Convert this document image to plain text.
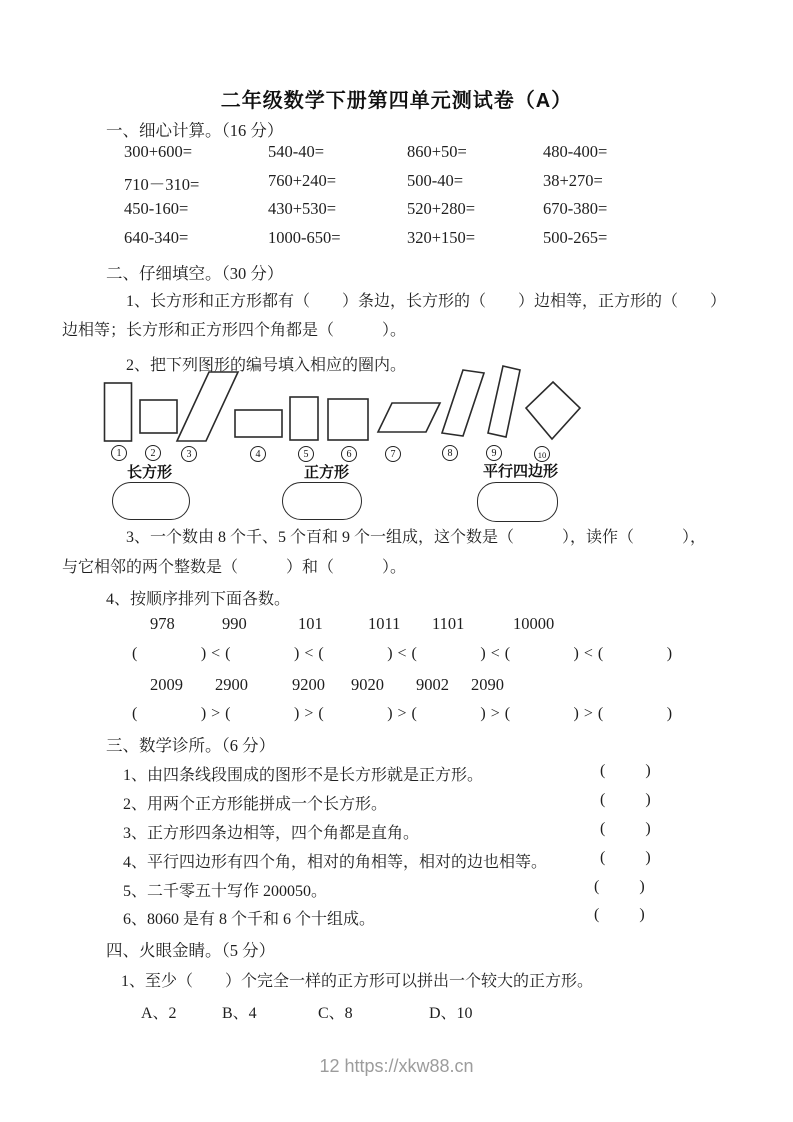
二年级数学下册第四单元测试卷（A）
一、细心计算。（16 分）
300+600=	540-40=	860+50=	480-400=
710－310=	760+240=	500-40=	38+270=
450-160=	430+530=	520+280=	670-380=
640-340=	1000-650=	320+150=	500-265=
二、仔细填空。（30 分）
1、长方形和正方形都有（　　）条边，长方形的（　　）边相等，正方形的（　　）
边相等；长方形和正方形四个角都是（　　　）。
2、把下列图形的编号填入相应的圈内。
1	2	3	4	5	6	7	8	9	10
长方形	正方形	平行四边形
3、一个数由 8 个千、5 个百和 9 个一组成，这个数是（　　　），读作（　　　），
与它相邻的两个整数是（　　　）和（　　　）。
4、按顺序排列下面各数。
978	990	101	1011 1101	10000
(              ) < (              ) < (              ) < (              ) < (              ) < (              )
2009 2900	9200 9020 9002 2090
(              ) > (              ) > (              ) > (              ) > (              ) > (              )
三、数学诊所。（6 分）
1、由四条线段围成的图形不是长方形就是正方形。	(          )
2、用两个正方形能拼成一个长方形。	(          )
3、正方形四条边相等，四个角都是直角。	(          )
4、平行四边形有四个角，相对的角相等，相对的边也相等。	(          )
5、二千零五十写作 200050。	(          )
6、8060 是有 8 个千和 6 个十组成。	(          )
四、火眼金睛。（5 分）
1、至少（　　）个完全一样的正方形可以拼出一个较大的正方形。
A、2	B、4	C、8	D、10
12 https://xkw88.cn
